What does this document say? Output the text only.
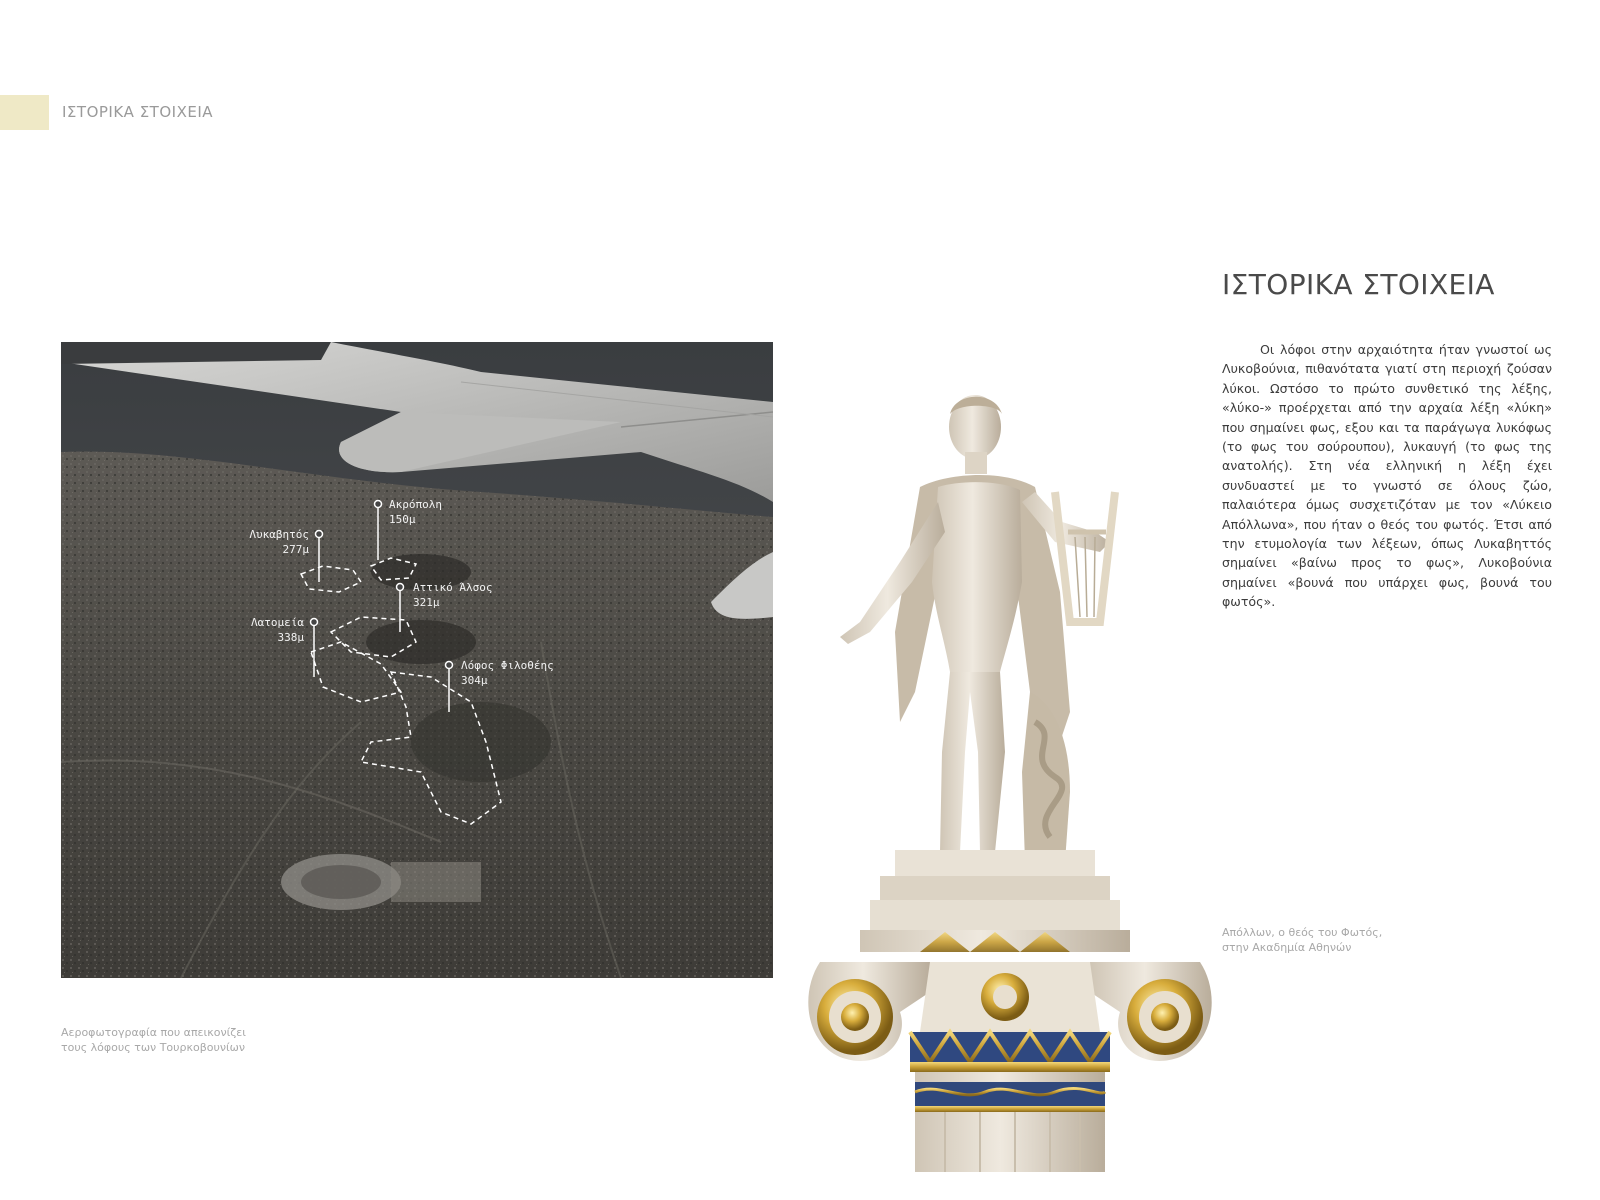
ΙΣΤΟΡΙΚΑ ΣΤΟΙΧΕΙΑ
ΙΣΤΟΡΙΚΑ ΣΤΟΙΧΕΙΑ

Οι λόφοι στην αρχαιότητα ήταν γνωστοί ως Λυκοβούνια, πιθανότατα γιατί στη περιοχή ζούσαν λύκοι. Ωστόσο το πρώτο συνθετικό της λέξης, «λύκο-» προέρχεται από την αρχαία λέξη «λύκη» που σημαίνει φως, εξου και τα παράγωγα λυκόφως (το φως του σούρουπου), λυκαυγή (το φως της ανατολής). Στη νέα ελληνική η λέξη έχει συνδυαστεί με το γνωστό σε όλους ζώο, παλαιότερα όμως συσχετιζόταν με τον «Λύκειο Απόλλωνα», που ήταν ο θεός του φωτός. Έτσι από την ετυμολογία των λέξεων, όπως Λυκαβηττός σημαίνει «βαίνω προς το φως», Λυκοβούνια σημαίνει «βουνά που υπάρχει φως, βουνά του φωτός».

Ακρόπολη
150μ
Λυκαβητός
277μ
Αττικό Άλσος
321μ
Λατομεία
338μ
Λόφος Φιλοθέης
304μ
Αεροφωτογραφία που απεικονίζει
τους λόφους των Τουρκοβουνίων
Απόλλων, ο θεός του Φωτός,
στην Ακαδημία Αθηνών
